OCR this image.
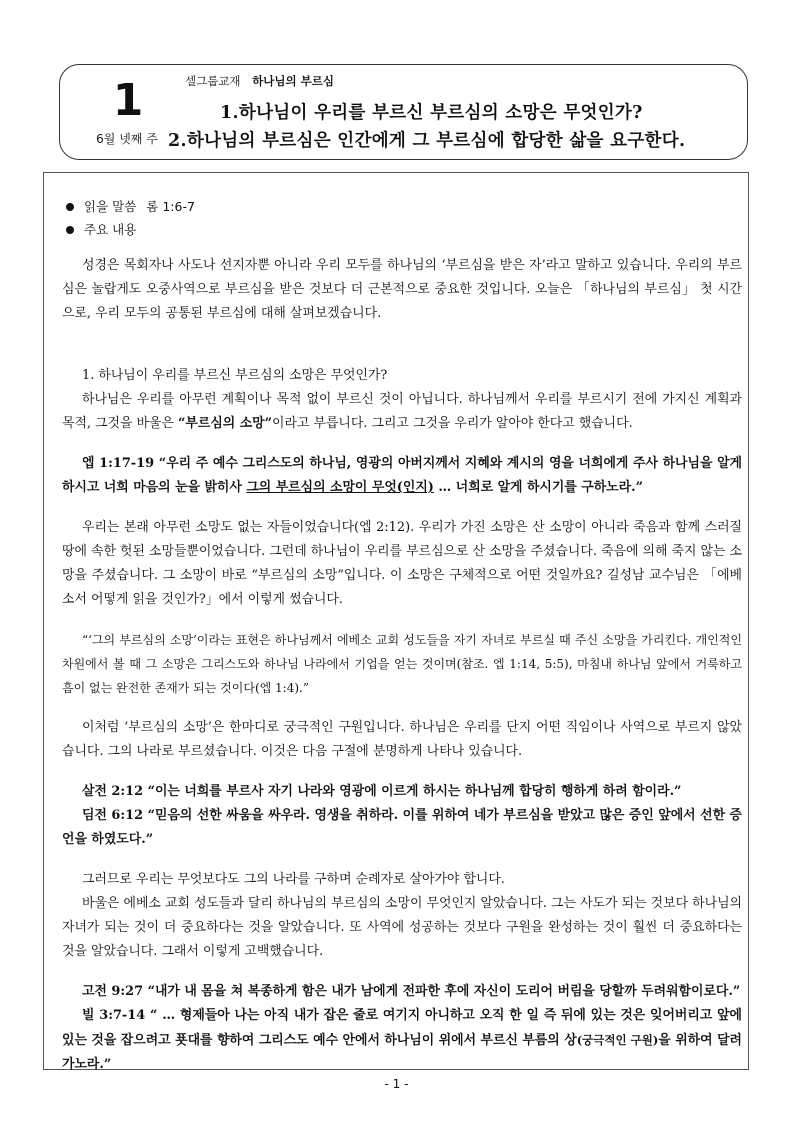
1
6월 넷째 주
셀그룹교재 하나님의 부르심
1.하나님이 우리를 부르신 부르심의 소망은 무엇인가?
2.하나님의 부르심은 인간에게 그 부르심에 합당한 삶을 요구한다.
읽을 말씀 롬 1:6-7
주요 내용

성경은 목회자나 사도나 선지자뿐 아니라 우리 모두를 하나님의 ‘부르심을 받은 자’라고 말하고 있습니다. 우리의 부르심은 놀랍게도 오중사역으로 부르심을 받은 것보다 더 근본적으로 중요한 것입니다. 오늘은 「하나님의 부르심」 첫 시간으로, 우리 모두의 공통된 부르심에 대해 살펴보겠습니다.

1. 하나님이 우리를 부르신 부르심의 소망은 무엇인가?

하나님은 우리를 아무런 계획이나 목적 없이 부르신 것이 아닙니다. 하나님께서 우리를 부르시기 전에 가지신 계획과 목적, 그것을 바울은 “부르심의 소망”이라고 부릅니다. 그리고 그것을 우리가 알아야 한다고 했습니다.

엡 1:17-19 “우리 주 예수 그리스도의 하나님, 영광의 아버지께서 지혜와 계시의 영을 너희에게 주사 하나님을 알게 하시고 너희 마음의 눈을 밝히사 그의 부르심의 소망이 무엇(인지) … 너희로 알게 하시기를 구하노라.”

우리는 본래 아무런 소망도 없는 자들이었습니다(엡 2:12). 우리가 가진 소망은 산 소망이 아니라 죽음과 함께 스러질 땅에 속한 헛된 소망들뿐이었습니다. 그런데 하나님이 우리를 부르심으로 산 소망을 주셨습니다. 죽음에 의해 죽지 않는 소망을 주셨습니다. 그 소망이 바로 “부르심의 소망”입니다. 이 소망은 구체적으로 어떤 것일까요? 길성남 교수님은 「에베소서 어떻게 읽을 것인가?」에서 이렇게 썼습니다.

“‘그의 부르심의 소망’이라는 표현은 하나님께서 에베소 교회 성도들을 자기 자녀로 부르실 때 주신 소망을 가리킨다. 개인적인 차원에서 볼 때 그 소망은 그리스도와 하나님 나라에서 기업을 얻는 것이며(참조. 엡 1:14, 5:5), 마침내 하나님 앞에서 거룩하고 흠이 없는 완전한 존재가 되는 것이다(엡 1:4).”

이처럼 ‘부르심의 소망’은 한마디로 궁극적인 구원입니다. 하나님은 우리를 단지 어떤 직임이나 사역으로 부르지 않았습니다. 그의 나라로 부르셨습니다. 이것은 다음 구절에 분명하게 나타나 있습니다.

살전 2:12 “이는 너희를 부르사 자기 나라와 영광에 이르게 하시는 하나님께 합당히 행하게 하려 함이라.”

딤전 6:12 “믿음의 선한 싸움을 싸우라. 영생을 취하라. 이를 위하여 네가 부르심을 받았고 많은 증인 앞에서 선한 증언을 하였도다.”

그러므로 우리는 무엇보다도 그의 나라를 구하며 순례자로 살아가야 합니다.

바울은 에베소 교회 성도들과 달리 하나님의 부르심의 소망이 무엇인지 알았습니다. 그는 사도가 되는 것보다 하나님의 자녀가 되는 것이 더 중요하다는 것을 알았습니다. 또 사역에 성공하는 것보다 구원을 완성하는 것이 훨씬 더 중요하다는 것을 알았습니다. 그래서 이렇게 고백했습니다.

고전 9:27 “내가 내 몸을 쳐 복종하게 함은 내가 남에게 전파한 후에 자신이 도리어 버림을 당할까 두려워함이로다.”

빌 3:7-14 “ … 형제들아 나는 아직 내가 잡은 줄로 여기지 아니하고 오직 한 일 즉 뒤에 있는 것은 잊어버리고 앞에 있는 것을 잡으려고 푯대를 향하여 그리스도 예수 안에서 하나님이 위에서 부르신 부름의 상(궁극적인 구원)을 위하여 달려가노라.”

- 1 -
